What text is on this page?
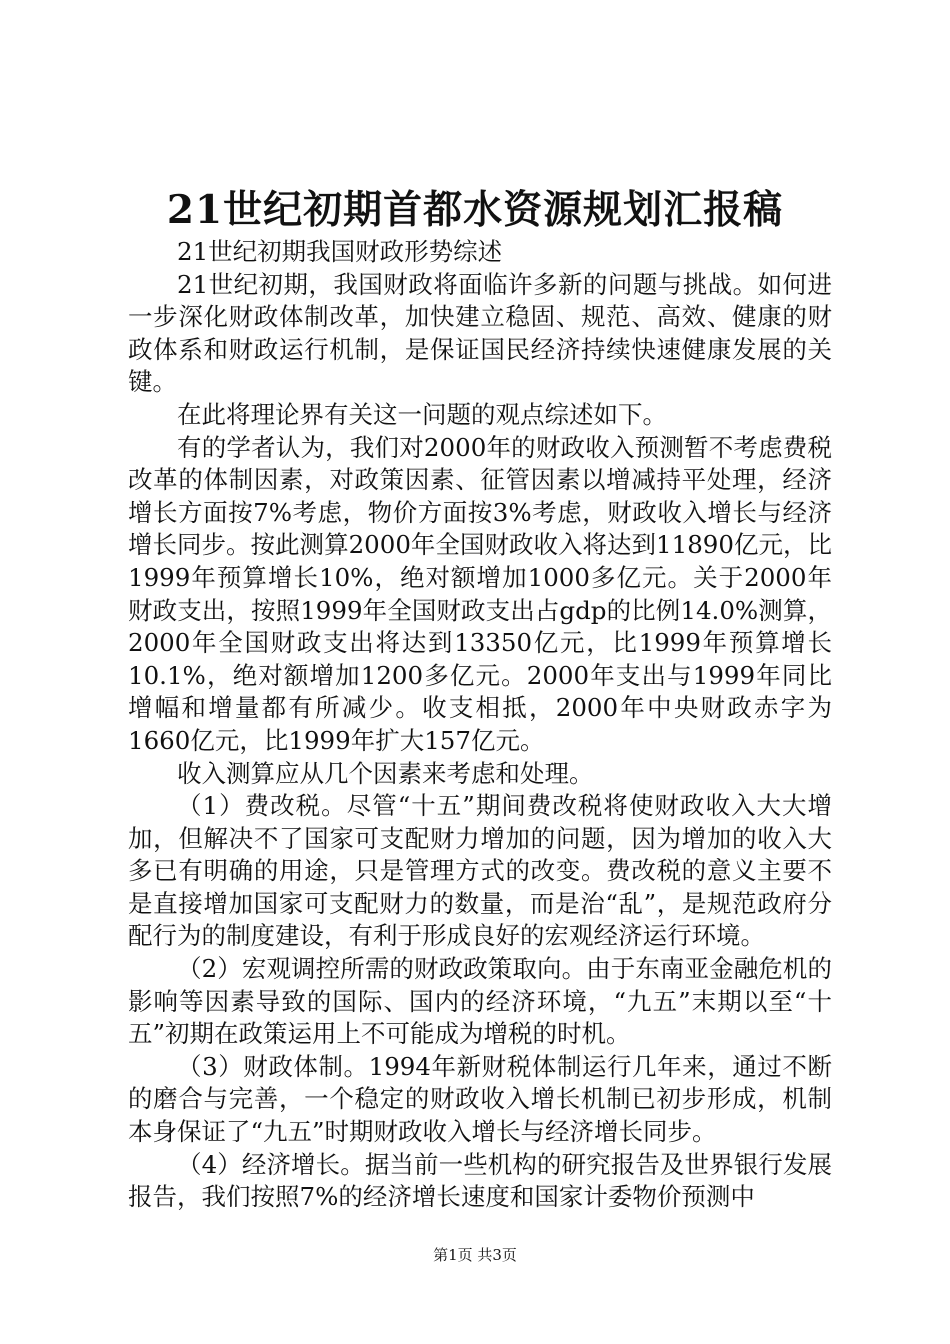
21世纪初期首都水资源规划汇报稿

21世纪初期我国财政形势综述

21世纪初期，我国财政将面临许多新的问题与挑战。如何进一步深化财政体制改革，加快建立稳固、规范、高效、健康的财政体系和财政运行机制，是保证国民经济持续快速健康发展的关键。

在此将理论界有关这一问题的观点综述如下。

有的学者认为，我们对2000年的财政收入预测暂不考虑费税改革的体制因素，对政策因素、征管因素以增减持平处理，经济增长方面按7%考虑，物价方面按3%考虑，财政收入增长与经济增长同步。按此测算2000年全国财政收入将达到11890亿元，比1999年预算增长10%，绝对额增加1000多亿元。关于2000年财政支出，按照1999年全国财政支出占gdp的比例14.0%测算，2000年全国财政支出将达到13350亿元，比1999年预算增长10.1%，绝对额增加1200多亿元。2000年支出与1999年同比增幅和增量都有所减少。收支相抵，2000年中央财政赤字为1660亿元，比1999年扩大157亿元。

收入测算应从几个因素来考虑和处理。

（1）费改税。尽管“十五”期间费改税将使财政收入大大增加，但解决不了国家可支配财力增加的问题，因为增加的收入大多已有明确的用途，只是管理方式的改变。费改税的意义主要不是直接增加国家可支配财力的数量，而是治“乱”，是规范政府分配行为的制度建设，有利于形成良好的宏观经济运行环境。

（2）宏观调控所需的财政政策取向。由于东南亚金融危机的影响等因素导致的国际、国内的经济环境，“九五”末期以至“十五”初期在政策运用上不可能成为增税的时机。

（3）财政体制。1994年新财税体制运行几年来，通过不断的磨合与完善，一个稳定的财政收入增长机制已初步形成，机制本身保证了“九五”时期财政收入增长与经济增长同步。

（4）经济增长。据当前一些机构的研究报告及世界银行发展报告，我们按照7%的经济增长速度和国家计委物价预测中

第1页 共3页
